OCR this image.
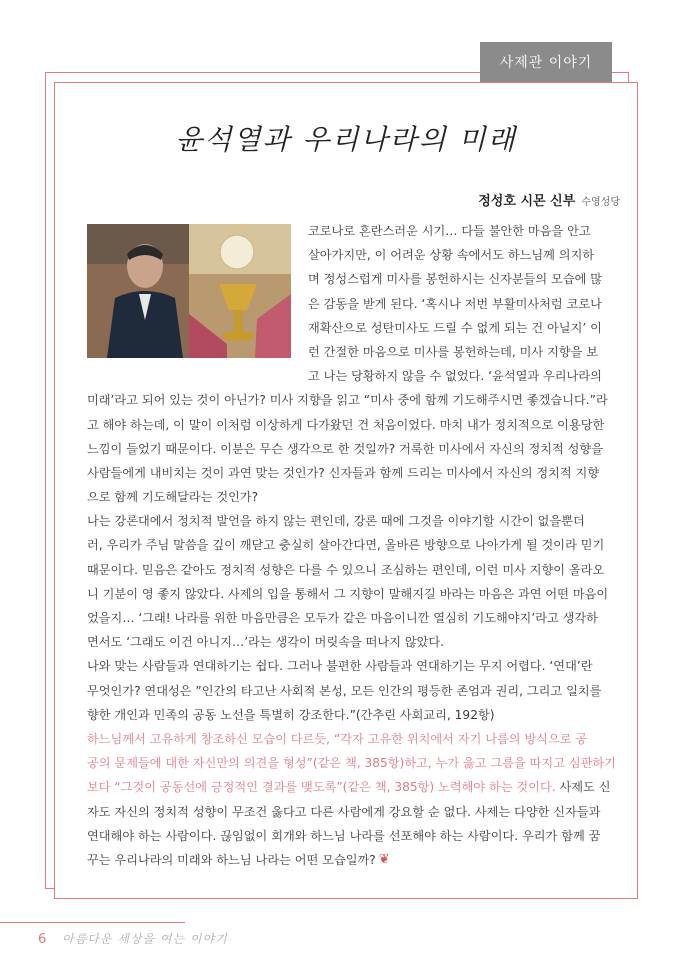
사제관 이야기
윤석열과 우리나라의 미래
정성호 시몬 신부 수영성당
코로나로 혼란스러운 시기… 다들 불안한 마음을 안고
살아가지만, 이 어려운 상황 속에서도 하느님께 의지하
며 정성스럽게 미사를 봉헌하시는 신자분들의 모습에 많
은 감동을 받게 된다. ‘혹시나 저번 부활미사처럼 코로나
재확산으로 성탄미사도 드릴 수 없게 되는 건 아닐지’ 이
런 간절한 마음으로 미사를 봉헌하는데, 미사 지향을 보
고 나는 당황하지 않을 수 없었다. ‘윤석열과 우리나라의
미래’라고 되어 있는 것이 아닌가? 미사 지향을 읽고 “미사 중에 함께 기도해주시면 좋겠습니다.”라
고 해야 하는데, 이 말이 이처럼 이상하게 다가왔던 건 처음이었다. 마치 내가 정치적으로 이용당한
느낌이 들었기 때문이다. 이분은 무슨 생각으로 한 것일까? 거룩한 미사에서 자신의 정치적 성향을
사람들에게 내비치는 것이 과연 맞는 것인가? 신자들과 함께 드리는 미사에서 자신의 정치적 지향
으로 함께 기도해달라는 것인가?
나는 강론대에서 정치적 발언을 하지 않는 편인데, 강론 때에 그것을 이야기할 시간이 없을뿐더
러, 우리가 주님 말씀을 깊이 깨닫고 충실히 살아간다면, 올바른 방향으로 나아가게 될 것이라 믿기
때문이다. 믿음은 같아도 정치적 성향은 다를 수 있으니 조심하는 편인데, 이런 미사 지향이 올라오
니 기분이 영 좋지 않았다. 사제의 입을 통해서 그 지향이 말해지길 바라는 마음은 과연 어떤 마음이
었을지… ‘그래! 나라를 위한 마음만큼은 모두가 같은 마음이니깐 열심히 기도해야지’라고 생각하
면서도 ‘그래도 이건 아니지…’라는 생각이 머릿속을 떠나지 않았다.
나와 맞는 사람들과 연대하기는 쉽다. 그러나 불편한 사람들과 연대하기는 무지 어렵다. ‘연대’란
무엇인가? 연대성은 ”인간의 타고난 사회적 본성, 모든 인간의 평등한 존엄과 권리, 그리고 일치를
향한 개인과 민족의 공동 노선을 특별히 강조한다.”(간추린 사회교리, 192항)
하느님께서 고유하게 창조하신 모습이 다르듯, “각자 고유한 위치에서 자기 나름의 방식으로 공
공의 문제들에 대한 자신만의 의견을 형성”(같은 책, 385항)하고, 누가 옳고 그름을 따지고 심판하기
보다 “그것이 공동선에 긍정적인 결과를 맺도록”(같은 책, 385항) 노력해야 하는 것이다. 사제도 신
자도 자신의 정치적 성향이 무조건 옳다고 다른 사람에게 강요할 순 없다. 사제는 다양한 신자들과
연대해야 하는 사람이다. 끊임없이 회개와 하느님 나라를 선포해야 하는 사람이다. 우리가 함께 꿈
꾸는 우리나라의 미래와 하느님 나라는 어떤 모습일까? ❦
6 아름다운 세상을 여는 이야기
